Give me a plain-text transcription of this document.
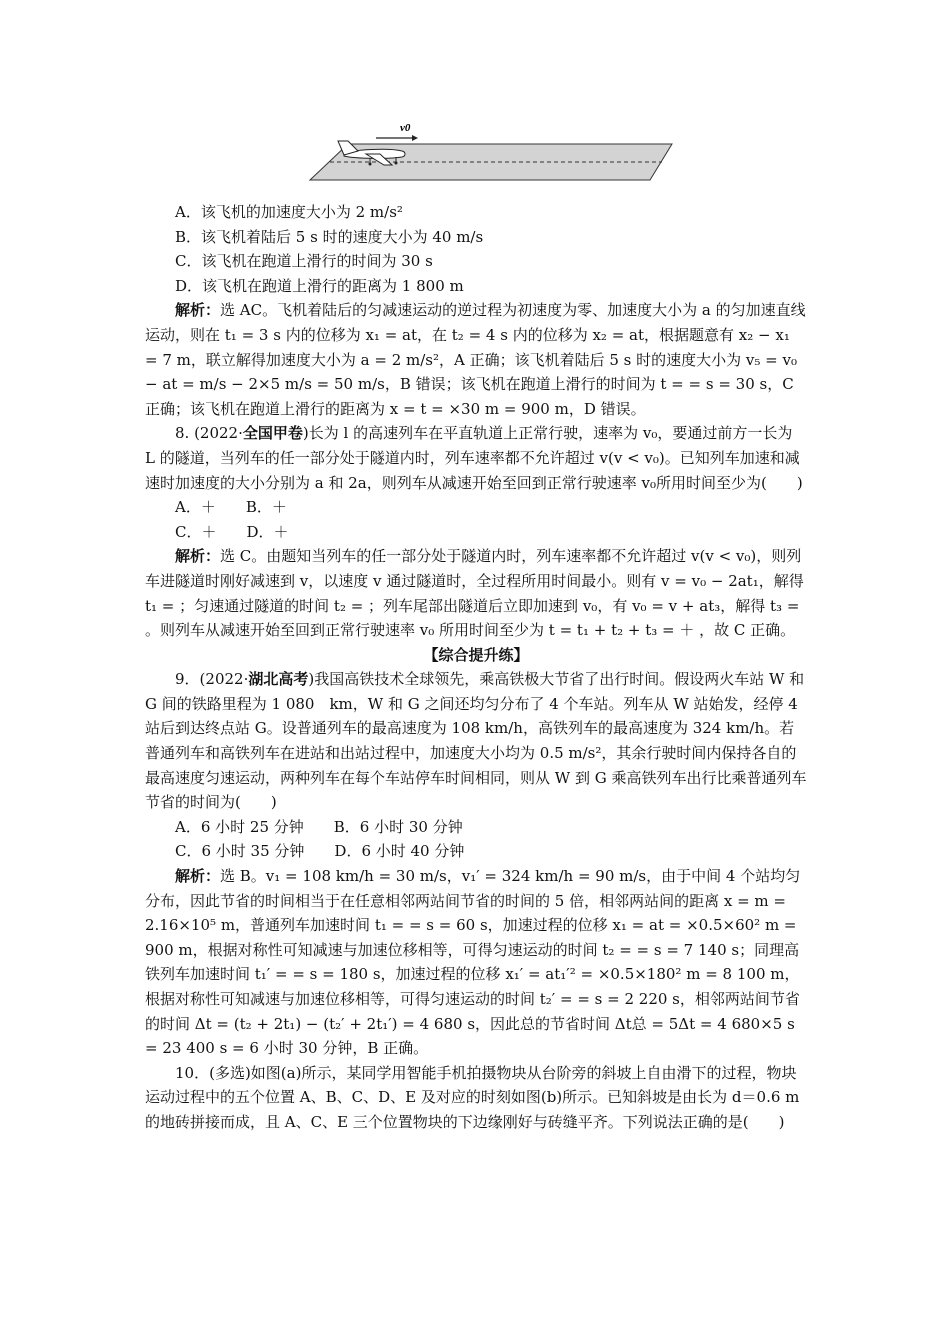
v0

A．该飞机的加速度大小为 2 m/s²

B．该飞机着陆后 5 s 时的速度大小为 40 m/s

C．该飞机在跑道上滑行的时间为 30 s

D．该飞机在跑道上滑行的距离为 1 800 m

解析：选 AC。飞机着陆后的匀减速运动的逆过程为初速度为零、加速度大小为 a 的匀加速直线运动，则在 t₁ = 3 s 内的位移为 x₁ = at，在 t₂ = 4 s 内的位移为 x₂ = at，根据题意有 x₂ − x₁ = 7 m，联立解得加速度大小为 a = 2 m/s²，A 正确；该飞机着陆后 5 s 时的速度大小为 v₅ = v₀ − at = m/s − 2×5 m/s = 50 m/s，B 错误；该飞机在跑道上滑行的时间为 t = = s = 30 s，C 正确；该飞机在跑道上滑行的距离为 x = t = ×30 m = 900 m，D 错误。

8. (2022·全国甲卷)长为 l 的高速列车在平直轨道上正常行驶，速率为 v₀，要通过前方一长为 L 的隧道，当列车的任一部分处于隧道内时，列车速率都不允许超过 v(v < v₀)。已知列车加速和减速时加速度的大小分别为 a 和 2a，则列车从减速开始至回到正常行驶速率 v₀所用时间至少为(　　)

A．＋　　B．＋

C．＋　　D．＋

解析：选 C。由题知当列车的任一部分处于隧道内时，列车速率都不允许超过 v(v < v₀)，则列车进隧道时刚好减速到 v，以速度 v 通过隧道时，全过程所用时间最小。则有 v = v₀ − 2at₁，解得 t₁ = ；匀速通过隧道的时间 t₂ = ；列车尾部出隧道后立即加速到 v₀，有 v₀ = v + at₃，解得 t₃ = 。则列车从减速开始至回到正常行驶速率 v₀ 所用时间至少为 t = t₁ + t₂ + t₃ = ＋ ，故 C 正确。

【综合提升练】

9．(2022·湖北高考)我国高铁技术全球领先，乘高铁极大节省了出行时间。假设两火车站 W 和 G 间的铁路里程为 1 080　km，W 和 G 之间还均匀分布了 4 个车站。列车从 W 站始发，经停 4 站后到达终点站 G。设普通列车的最高速度为 108 km/h，高铁列车的最高速度为 324 km/h。若普通列车和高铁列车在进站和出站过程中，加速度大小均为 0.5 m/s²，其余行驶时间内保持各自的最高速度匀速运动，两种列车在每个车站停车时间相同，则从 W 到 G 乘高铁列车出行比乘普通列车节省的时间为(　　)

A．6 小时 25 分钟　　B．6 小时 30 分钟

C．6 小时 35 分钟　　D．6 小时 40 分钟

解析：选 B。v₁ = 108 km/h = 30 m/s，v₁′ = 324 km/h = 90 m/s，由于中间 4 个站均匀分布，因此节省的时间相当于在任意相邻两站间节省的时间的 5 倍，相邻两站间的距离 x = m = 2.16×10⁵ m，普通列车加速时间 t₁ = = s = 60 s，加速过程的位移 x₁ = at = ×0.5×60² m = 900 m，根据对称性可知减速与加速位移相等，可得匀速运动的时间 t₂ = = s = 7 140 s；同理高铁列车加速时间 t₁′ = = s = 180 s，加速过程的位移 x₁′ = at₁′² = ×0.5×180² m = 8 100 m，根据对称性可知减速与加速位移相等，可得匀速运动的时间 t₂′ = = s = 2 220 s，相邻两站间节省的时间 Δt = (t₂ + 2t₁) − (t₂′ + 2t₁′) = 4 680 s，因此总的节省时间 Δt总 = 5Δt = 4 680×5 s = 23 400 s = 6 小时 30 分钟，B 正确。

10．(多选)如图(a)所示，某同学用智能手机拍摄物块从台阶旁的斜坡上自由滑下的过程，物块运动过程中的五个位置 A、B、C、D、E 及对应的时刻如图(b)所示。已知斜坡是由长为 d＝0.6 m 的地砖拼接而成，且 A、C、E 三个位置物块的下边缘刚好与砖缝平齐。下列说法正确的是(　　)
